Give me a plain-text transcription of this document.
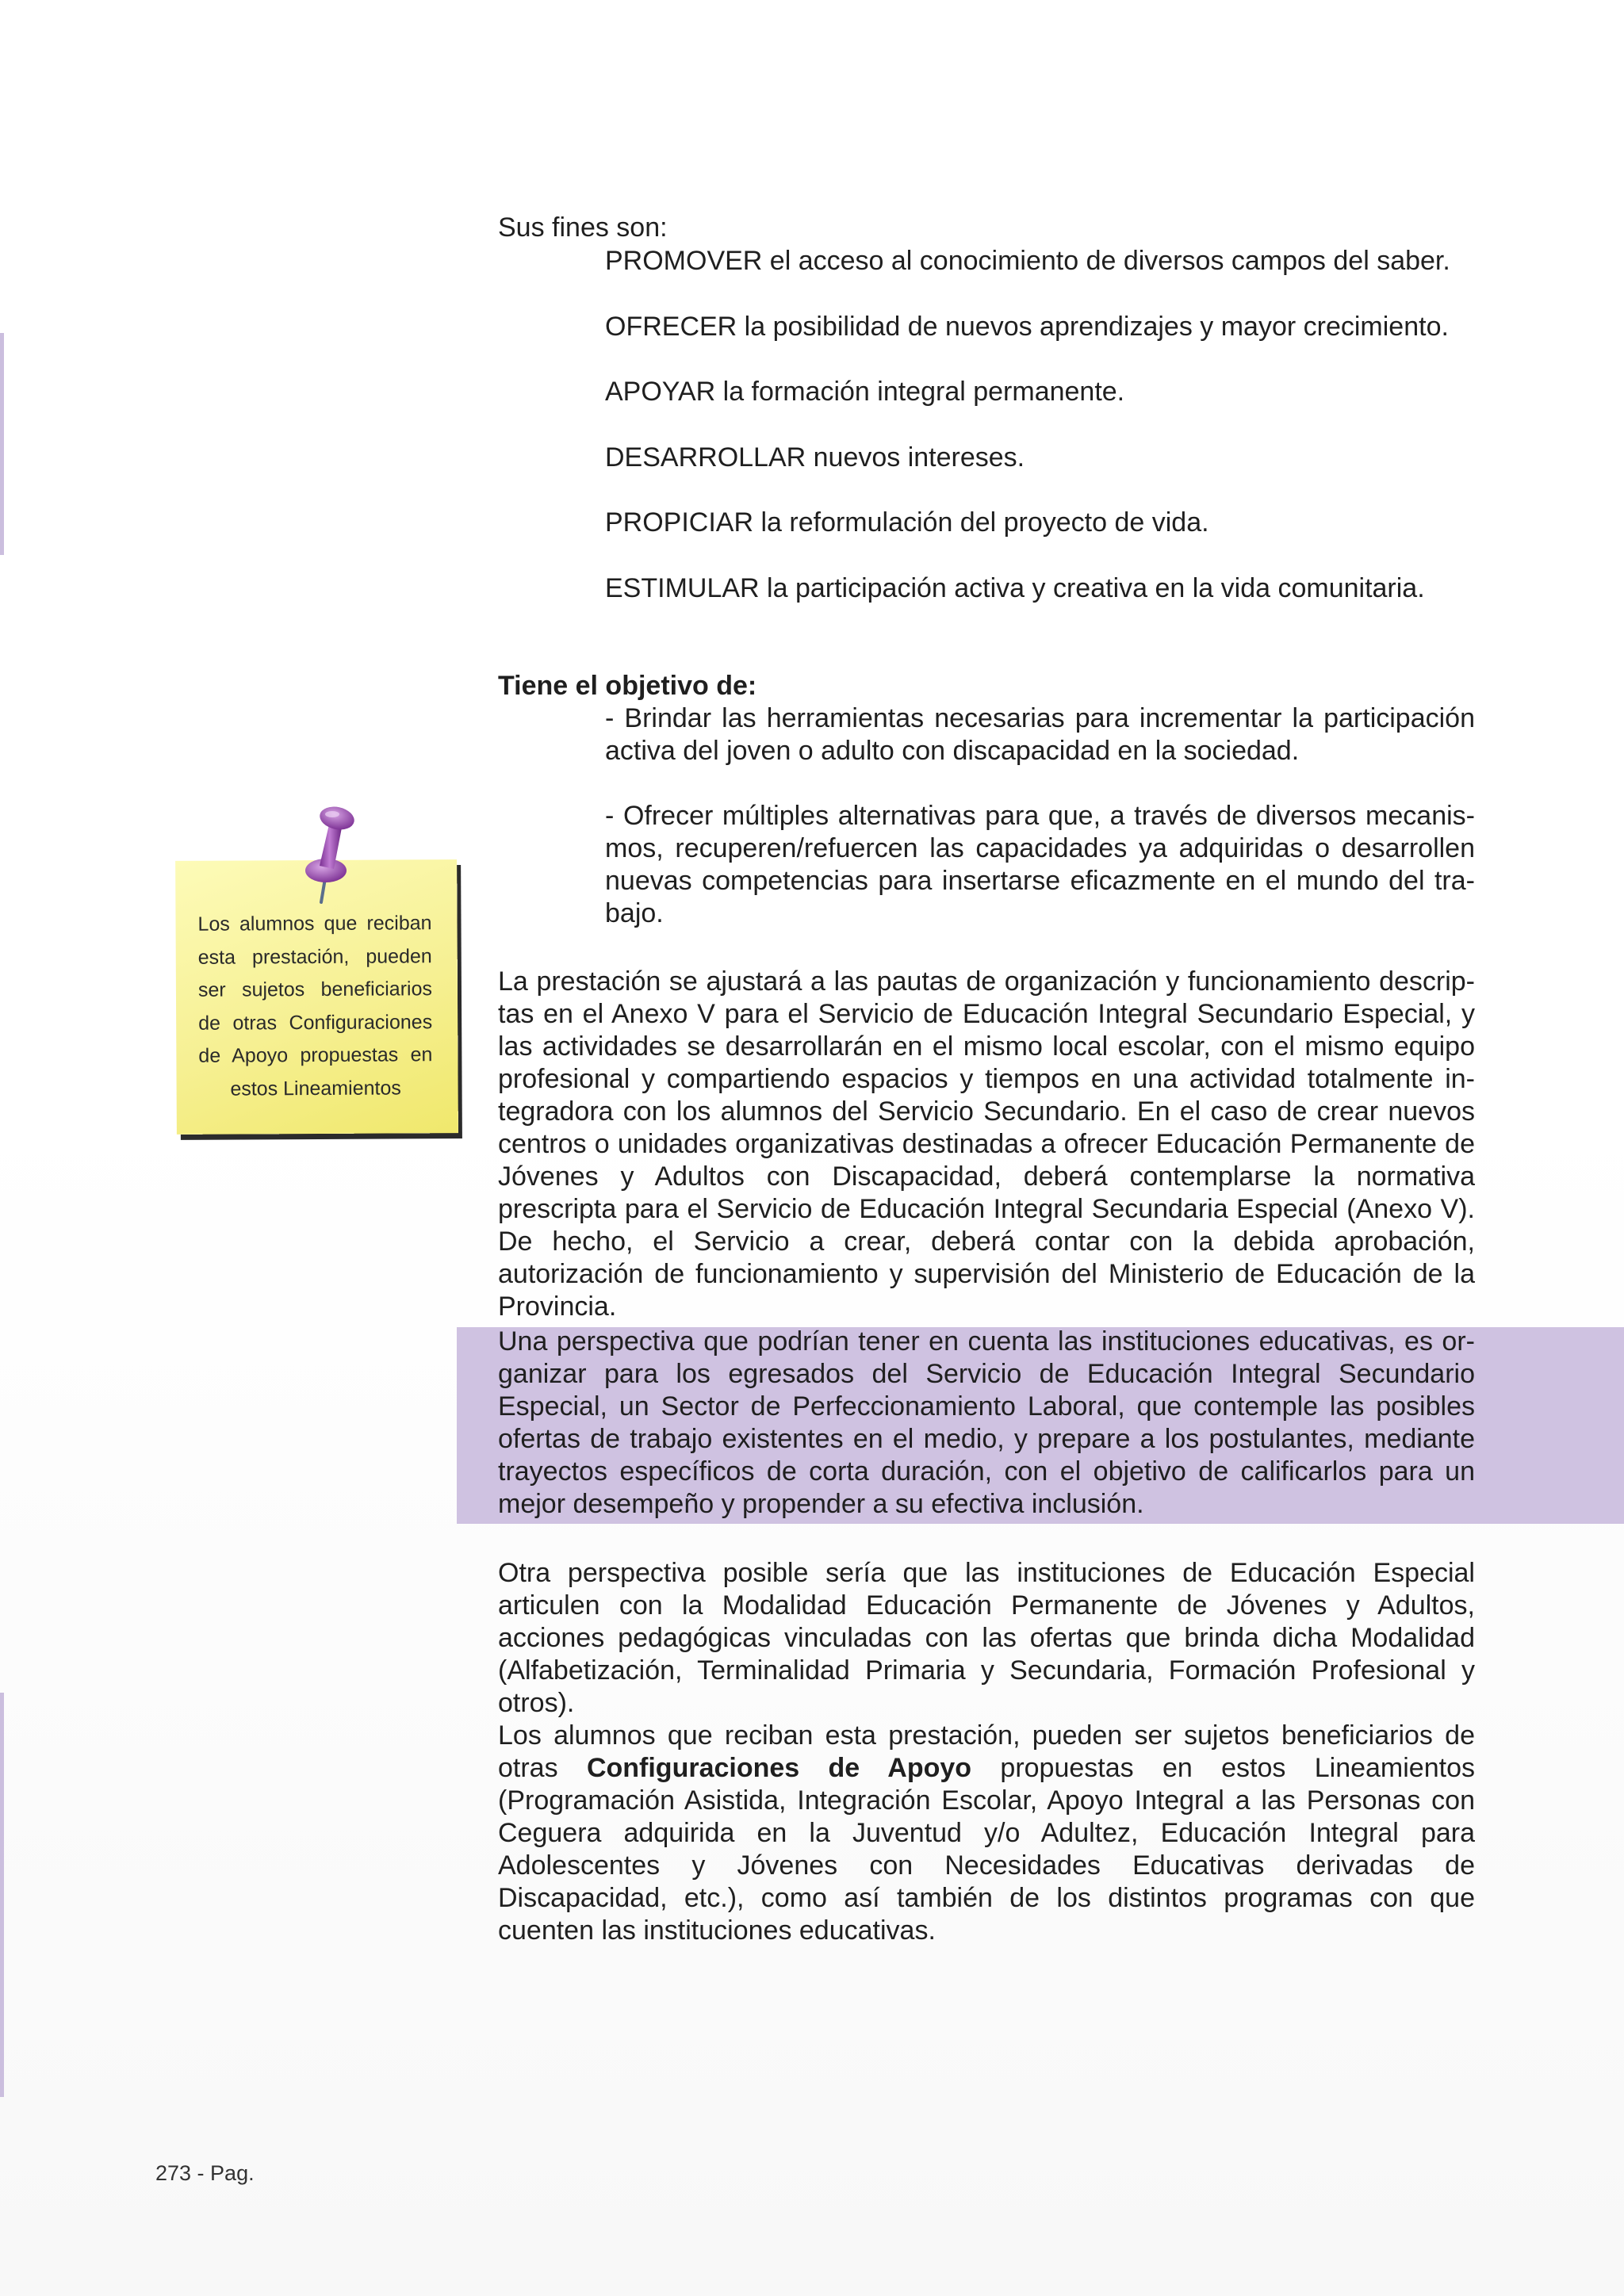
Sus fines son:

PROMOVER el acceso al conocimiento de diversos campos del saber.

OFRECER la posibilidad de nuevos aprendizajes y mayor crecimiento.

APOYAR la formación integral permanente.

DESARROLLAR nuevos intereses.

PROPICIAR la reformulación del proyecto de vida.

ESTIMULAR la participación activa y creativa en la vida comunitaria.

Tiene el objetivo de:

- Brindar las herramientas necesarias para incrementar la participación activa del joven o adulto con discapacidad en la sociedad.

- Ofrecer múltiples alternativas para que, a través de diversos mecanismos, recuperen/refuercen las capacidades ya adquiridas o desarrollen nuevas competencias para insertarse eficazmente en el mundo del trabajo.

La prestación se ajustará a las pautas de organización y funcionamiento descriptas en el Anexo V para el Servicio de Educación Integral Secundario Especial, y las actividades se desarrollarán en el mismo local escolar, con el mismo equipo profesional y compartiendo espacios y tiempos en una actividad totalmente integradora con los alumnos del Servicio Secundario. En el caso de crear nuevos centros o unidades organizativas destinadas a ofrecer Educación Permanente de Jóvenes y Adultos con Discapacidad, deberá contemplarse la normativa prescripta para el Servicio de Educación Integral Secundaria Especial (Anexo V). De hecho, el Servicio a crear, deberá contar con la debida aprobación, autorización de funcionamiento y supervisión del Ministerio de Educación de la Provincia.

Una perspectiva que podrían tener en cuenta las instituciones educativas, es organizar para los egresados del Servicio de Educación Integral Secundario Especial, un Sector de Perfeccionamiento Laboral, que contemple las posibles ofertas de trabajo existentes en el medio, y prepare a los postulantes, mediante trayectos específicos de corta duración, con el objetivo de calificarlos para un mejor desempeño y propender a su efectiva inclusión.

Otra perspectiva posible sería que las instituciones de Educación Especial articulen con la Modalidad Educación Permanente de Jóvenes y Adultos, acciones pedagógicas vinculadas con las ofertas que brinda dicha Modalidad (Alfabetización, Terminalidad Primaria y Secundaria, Formación Profesional y otros).

Los alumnos que reciban esta prestación, pueden ser sujetos beneficiarios de otras Configuraciones de Apoyo propuestas en estos Lineamientos (Programación Asistida, Integración Escolar, Apoyo Integral a las Personas con Ceguera adquirida en la Juventud y/o Adultez, Educación Integral para Adolescentes y Jóvenes con Necesidades Educativas derivadas de Discapacidad, etc.), como así también de los distintos programas con que cuenten las instituciones educativas.

Los alumnos que reciban esta prestación, pueden ser sujetos beneficiarios de otras Configuraciones de Apoyo propuestas en estos Lineamientos
273 - Pag.
